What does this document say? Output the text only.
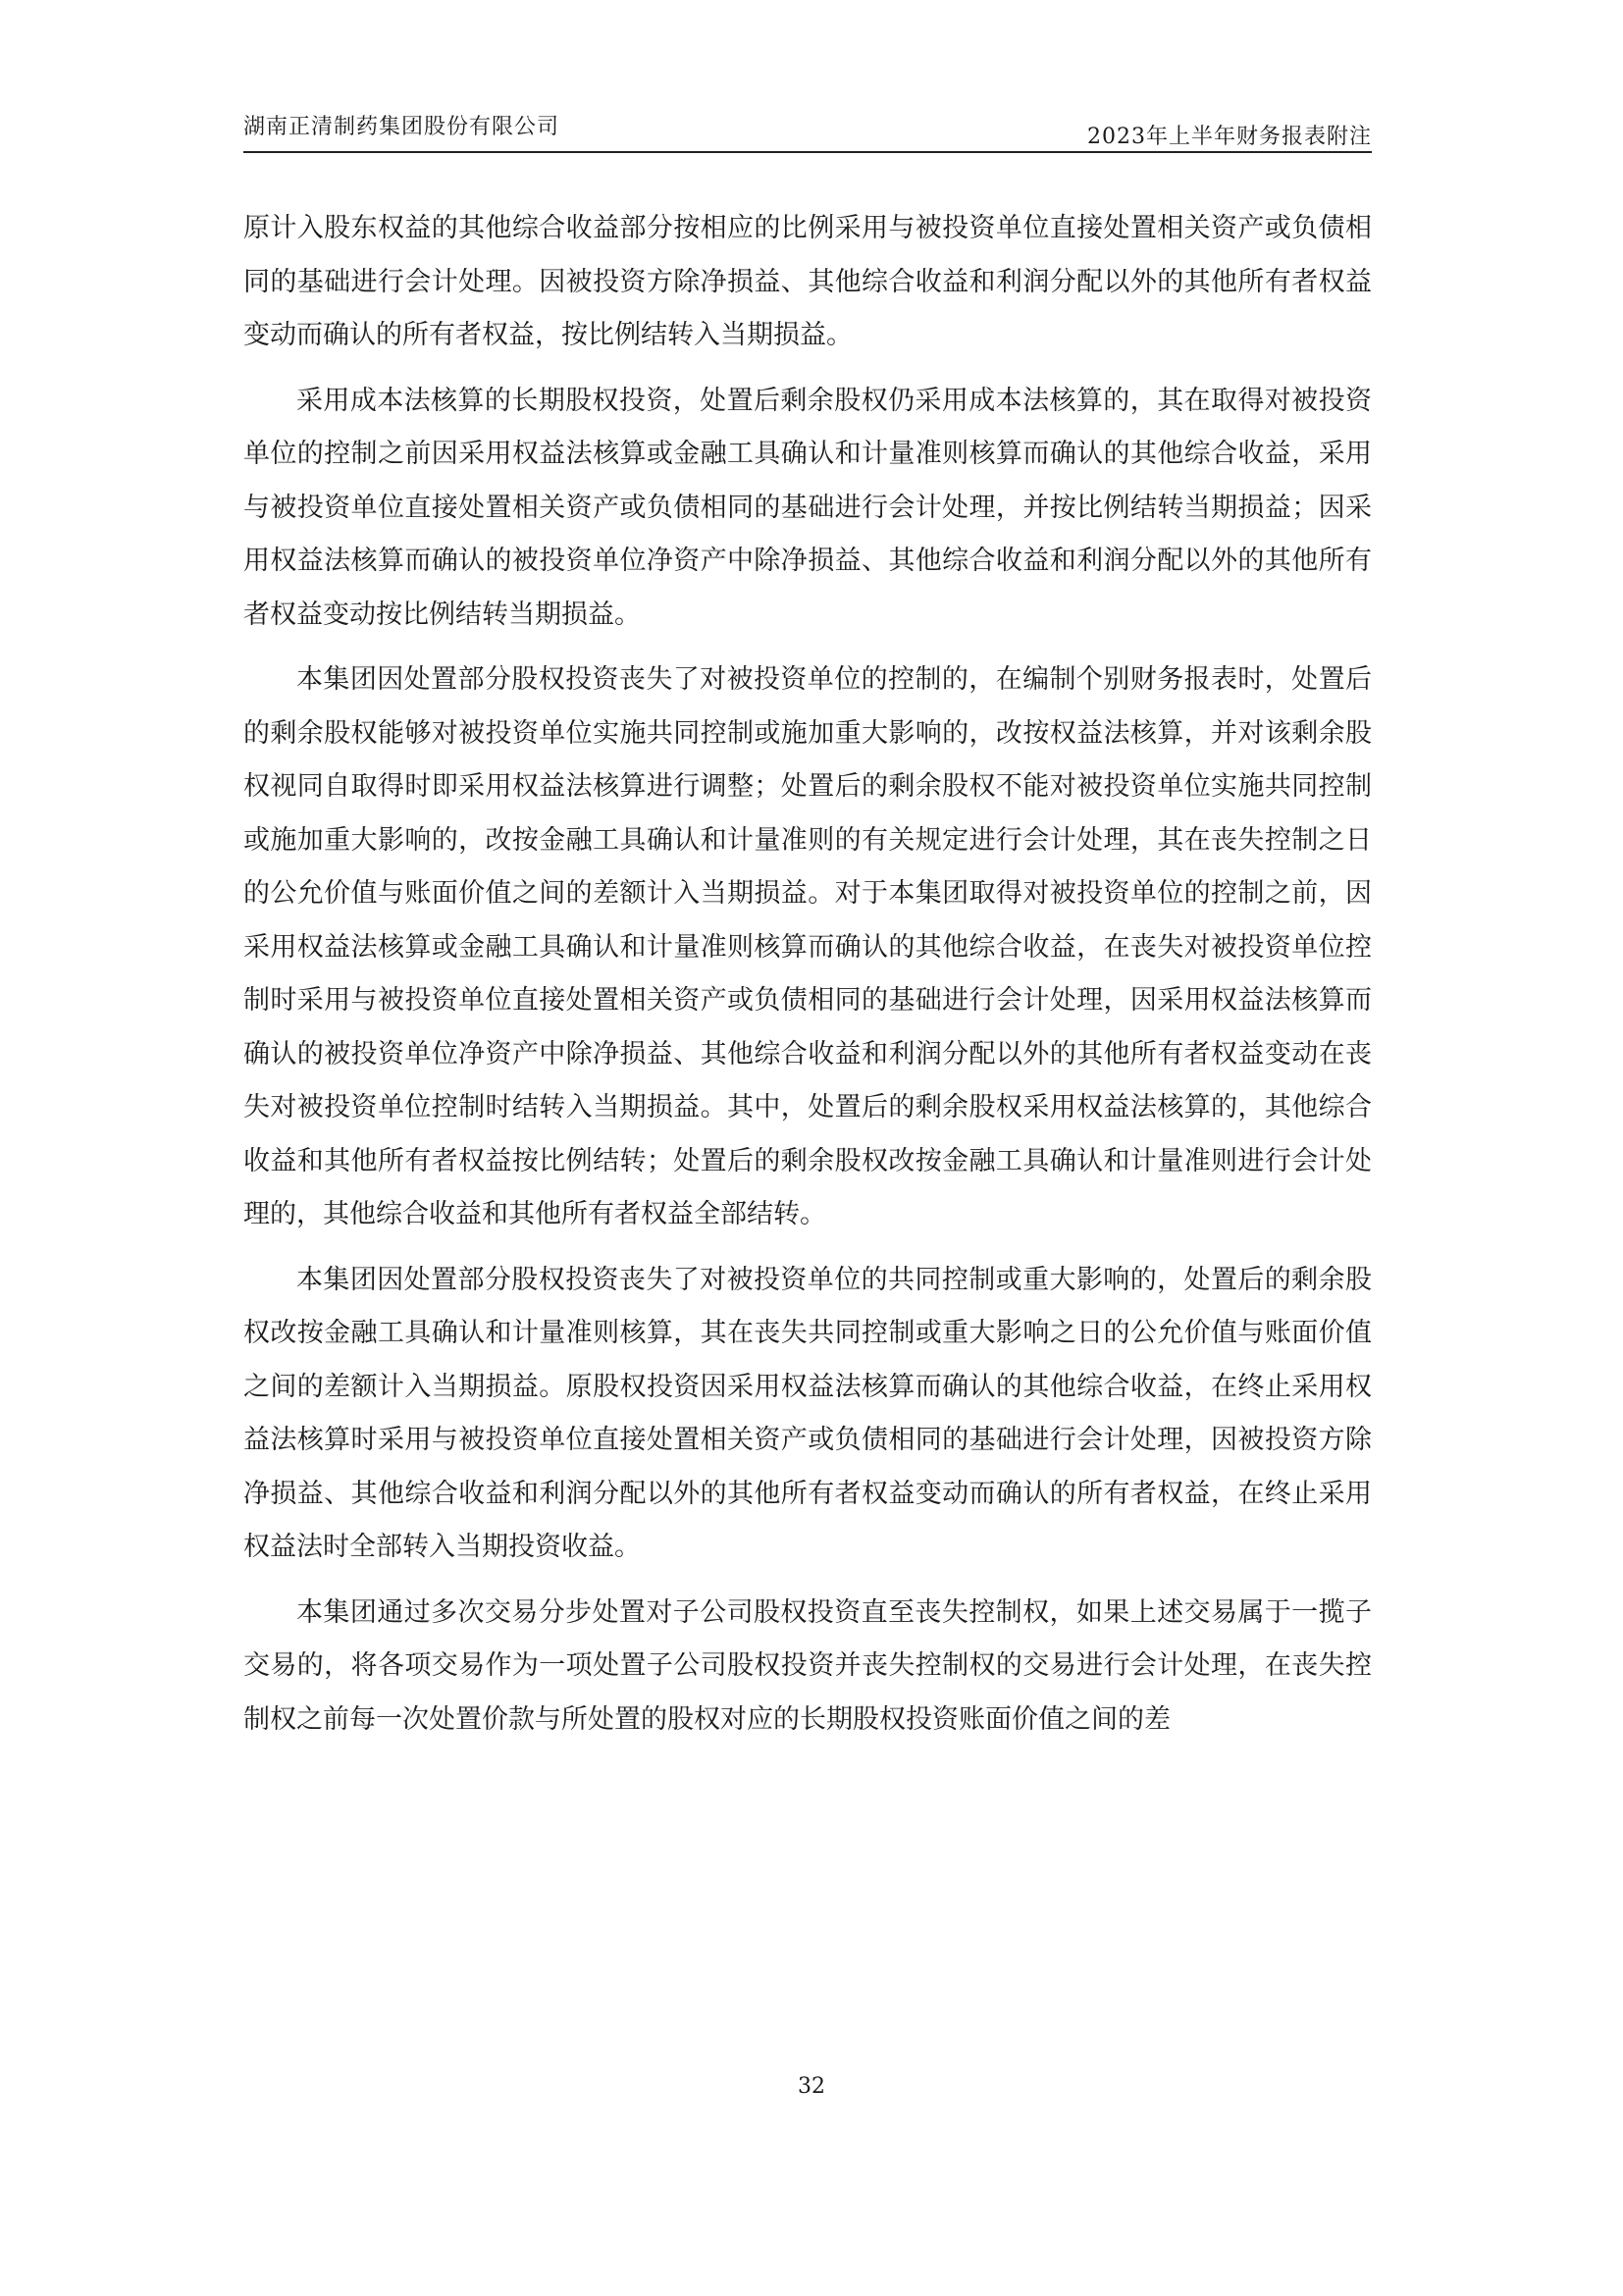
湖南正清制药集团股份有限公司	2023年上半年财务报表附注

原计入股东权益的其他综合收益部分按相应的比例采用与被投资单位直接处置相关资产或负债相同的基础进行会计处理。因被投资方除净损益、其他综合收益和利润分配以外的其他所有者权益变动而确认的所有者权益，按比例结转入当期损益。

采用成本法核算的长期股权投资，处置后剩余股权仍采用成本法核算的，其在取得对被投资单位的控制之前因采用权益法核算或金融工具确认和计量准则核算而确认的其他综合收益，采用与被投资单位直接处置相关资产或负债相同的基础进行会计处理，并按比例结转当期损益；因采用权益法核算而确认的被投资单位净资产中除净损益、其他综合收益和利润分配以外的其他所有者权益变动按比例结转当期损益。

本集团因处置部分股权投资丧失了对被投资单位的控制的，在编制个别财务报表时，处置后的剩余股权能够对被投资单位实施共同控制或施加重大影响的，改按权益法核算，并对该剩余股权视同自取得时即采用权益法核算进行调整；处置后的剩余股权不能对被投资单位实施共同控制或施加重大影响的，改按金融工具确认和计量准则的有关规定进行会计处理，其在丧失控制之日的公允价值与账面价值之间的差额计入当期损益。对于本集团取得对被投资单位的控制之前，因采用权益法核算或金融工具确认和计量准则核算而确认的其他综合收益，在丧失对被投资单位控制时采用与被投资单位直接处置相关资产或负债相同的基础进行会计处理，因采用权益法核算而确认的被投资单位净资产中除净损益、其他综合收益和利润分配以外的其他所有者权益变动在丧失对被投资单位控制时结转入当期损益。其中，处置后的剩余股权采用权益法核算的，其他综合收益和其他所有者权益按比例结转；处置后的剩余股权改按金融工具确认和计量准则进行会计处理的，其他综合收益和其他所有者权益全部结转。

本集团因处置部分股权投资丧失了对被投资单位的共同控制或重大影响的，处置后的剩余股权改按金融工具确认和计量准则核算，其在丧失共同控制或重大影响之日的公允价值与账面价值之间的差额计入当期损益。原股权投资因采用权益法核算而确认的其他综合收益，在终止采用权益法核算时采用与被投资单位直接处置相关资产或负债相同的基础进行会计处理，因被投资方除净损益、其他综合收益和利润分配以外的其他所有者权益变动而确认的所有者权益，在终止采用权益法时全部转入当期投资收益。

本集团通过多次交易分步处置对子公司股权投资直至丧失控制权，如果上述交易属于一揽子交易的，将各项交易作为一项处置子公司股权投资并丧失控制权的交易进行会计处理，在丧失控制权之前每一次处置价款与所处置的股权对应的长期股权投资账面价值之间的差

32
